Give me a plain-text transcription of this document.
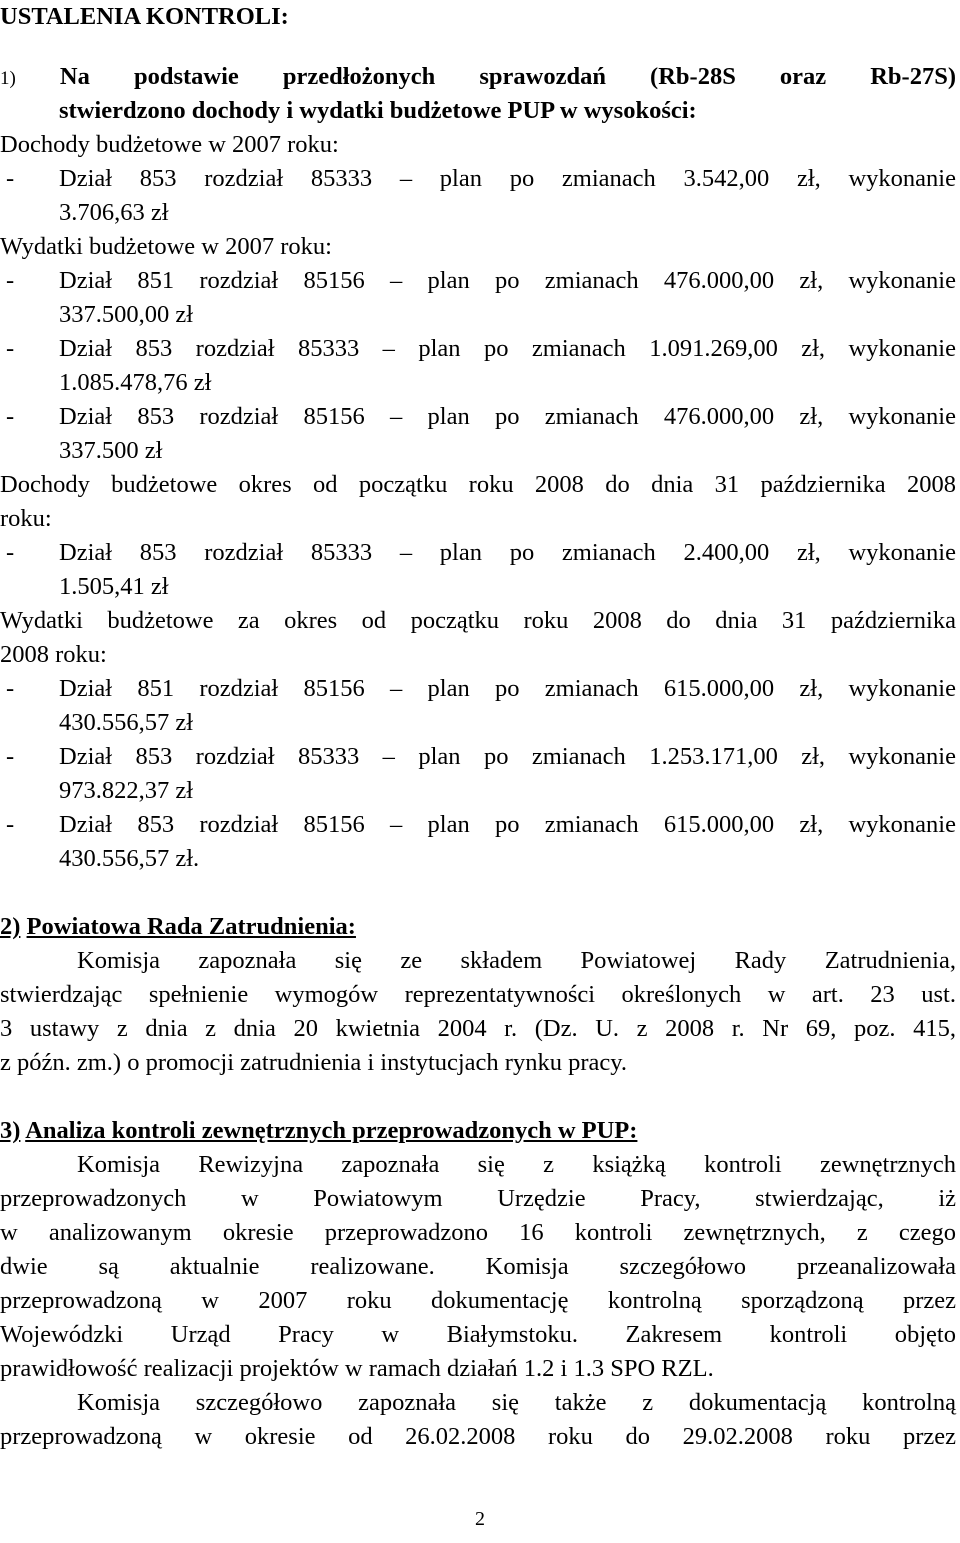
USTALENIA KONTROLI:
1) Na podstawie przedłożonych sprawozdań (Rb-28S oraz Rb-27S)
stwierdzono dochody i wydatki budżetowe PUP w wysokości:
Dochody budżetowe w 2007 roku:
- Dział 853 rozdział 85333 – plan po zmianach 3.542,00 zł, wykonanie
3.706,63 zł
Wydatki budżetowe w 2007 roku:
- Dział 851 rozdział 85156 – plan po zmianach 476.000,00 zł, wykonanie
337.500,00 zł
- Dział 853 rozdział 85333 – plan po zmianach 1.091.269,00 zł, wykonanie
1.085.478,76 zł
- Dział 853 rozdział 85156 – plan po zmianach 476.000,00 zł, wykonanie
337.500 zł
Dochody budżetowe okres od początku roku 2008 do dnia 31 października 2008
roku:
- Dział 853 rozdział 85333 – plan po zmianach 2.400,00 zł, wykonanie
1.505,41 zł
Wydatki budżetowe za okres od początku roku 2008 do dnia 31 października
2008 roku:
- Dział 851 rozdział 85156 – plan po zmianach 615.000,00 zł, wykonanie
430.556,57 zł
- Dział 853 rozdział 85333 – plan po zmianach 1.253.171,00 zł, wykonanie
973.822,37 zł
- Dział 853 rozdział 85156 – plan po zmianach 615.000,00 zł, wykonanie
430.556,57 zł.
2) Powiatowa Rada Zatrudnienia:
Komisja zapoznała się ze składem Powiatowej Rady Zatrudnienia,
stwierdzając spełnienie wymogów reprezentatywności określonych w art. 23 ust.
3 ustawy z dnia z dnia 20 kwietnia 2004 r. (Dz. U. z 2008 r. Nr 69, poz. 415,
z późn. zm.) o promocji zatrudnienia i instytucjach rynku pracy.
3) Analiza kontroli zewnętrznych przeprowadzonych w PUP:
Komisja Rewizyjna zapoznała się z książką kontroli zewnętrznych
przeprowadzonych w Powiatowym Urzędzie Pracy, stwierdzając, iż
w analizowanym okresie przeprowadzono 16 kontroli zewnętrznych, z czego
dwie są aktualnie realizowane. Komisja szczegółowo przeanalizowała
przeprowadzoną w 2007 roku dokumentację kontrolną sporządzoną przez
Wojewódzki Urząd Pracy w Białymstoku. Zakresem kontroli objęto
prawidłowość realizacji projektów w ramach działań 1.2 i 1.3 SPO RZL.
Komisja szczegółowo zapoznała się także z dokumentacją kontrolną
przeprowadzoną w okresie od 26.02.2008 roku do 29.02.2008 roku przez
2
